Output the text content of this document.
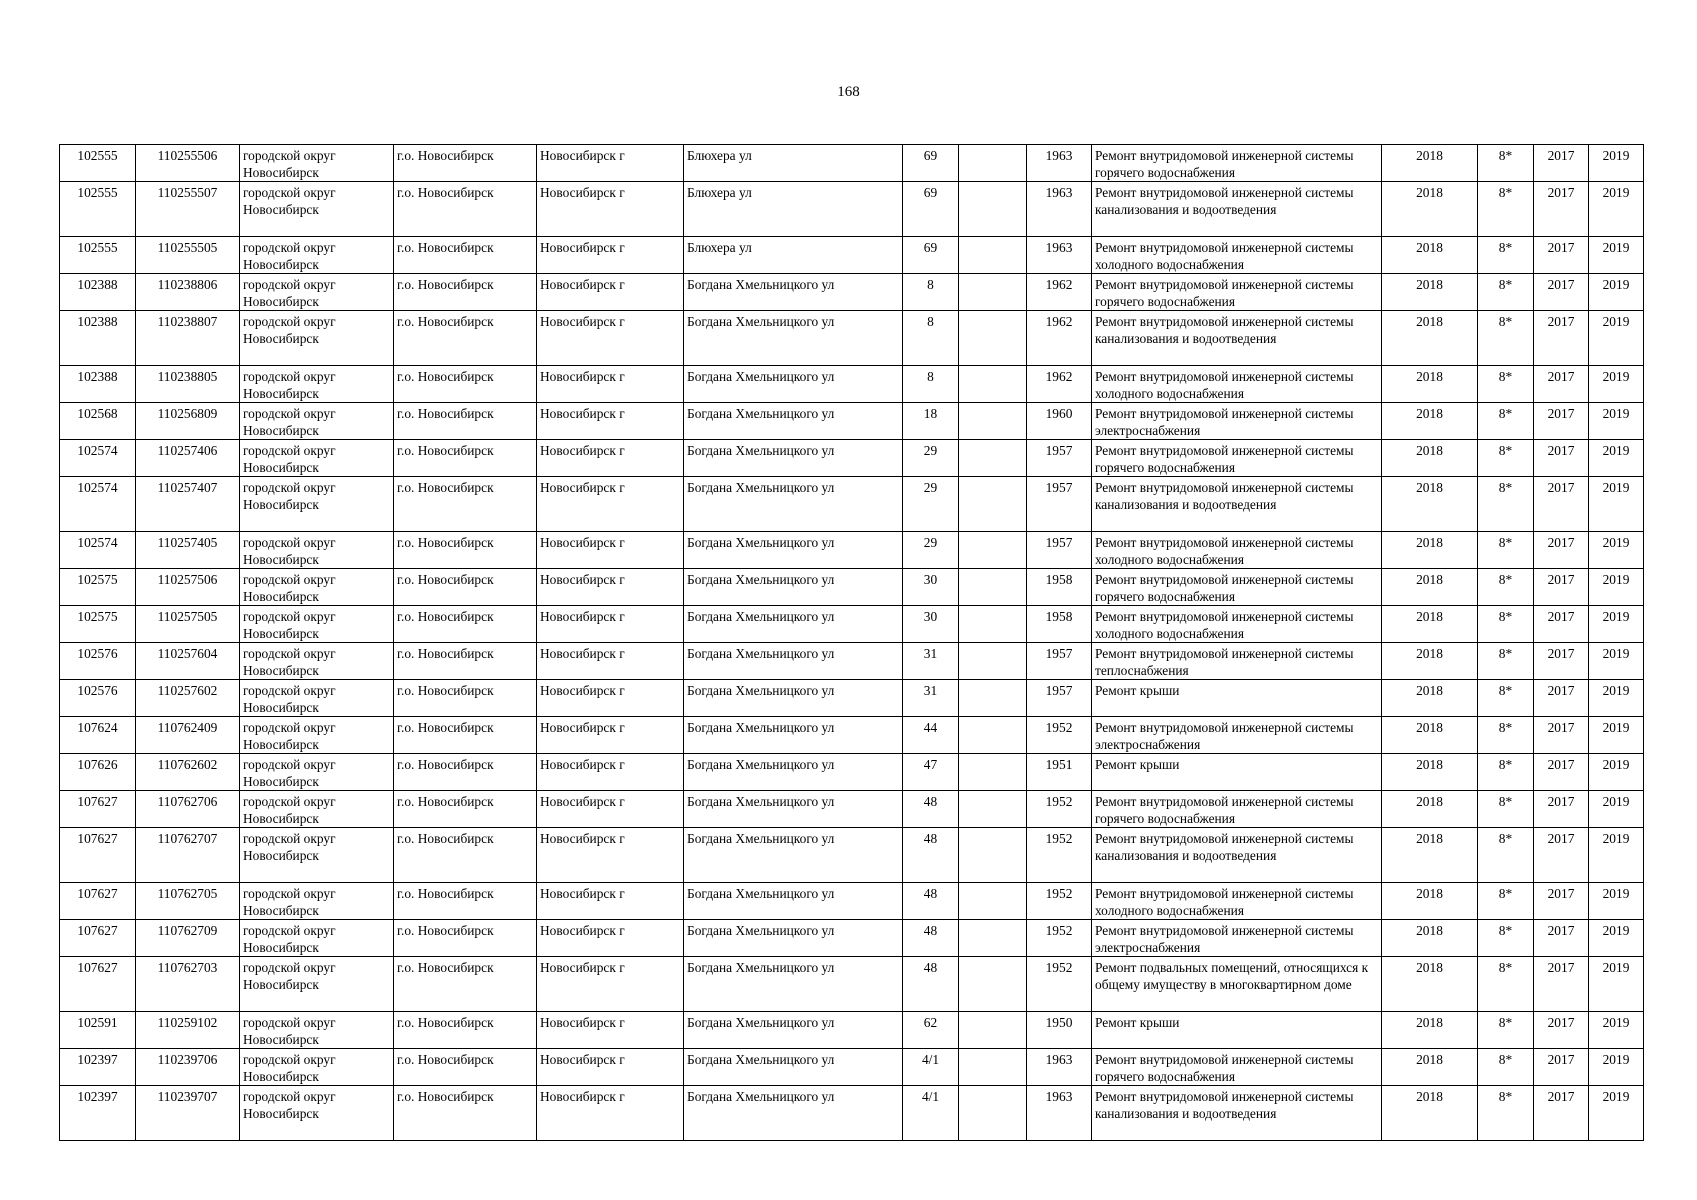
168
102555	110255506	городской округ Новосибирск	г.о. Новосибирск	Новосибирск г	Блюхера ул	69		1963	Ремонт внутридомовой инженерной системы горячего водоснабжения	2018	8*	2017	2019
102555	110255507	городской округ Новосибирск	г.о. Новосибирск	Новосибирск г	Блюхера ул	69		1963	Ремонт внутридомовой инженерной системы канализования и водоотведения	2018	8*	2017	2019
102555	110255505	городской округ Новосибирск	г.о. Новосибирск	Новосибирск г	Блюхера ул	69		1963	Ремонт внутридомовой инженерной системы холодного водоснабжения	2018	8*	2017	2019
102388	110238806	городской округ Новосибирск	г.о. Новосибирск	Новосибирск г	Богдана Хмельницкого ул	8		1962	Ремонт внутридомовой инженерной системы горячего водоснабжения	2018	8*	2017	2019
102388	110238807	городской округ Новосибирск	г.о. Новосибирск	Новосибирск г	Богдана Хмельницкого ул	8		1962	Ремонт внутридомовой инженерной системы канализования и водоотведения	2018	8*	2017	2019
102388	110238805	городской округ Новосибирск	г.о. Новосибирск	Новосибирск г	Богдана Хмельницкого ул	8		1962	Ремонт внутридомовой инженерной системы холодного водоснабжения	2018	8*	2017	2019
102568	110256809	городской округ Новосибирск	г.о. Новосибирск	Новосибирск г	Богдана Хмельницкого ул	18		1960	Ремонт внутридомовой инженерной системы электроснабжения	2018	8*	2017	2019
102574	110257406	городской округ Новосибирск	г.о. Новосибирск	Новосибирск г	Богдана Хмельницкого ул	29		1957	Ремонт внутридомовой инженерной системы горячего водоснабжения	2018	8*	2017	2019
102574	110257407	городской округ Новосибирск	г.о. Новосибирск	Новосибирск г	Богдана Хмельницкого ул	29		1957	Ремонт внутридомовой инженерной системы канализования и водоотведения	2018	8*	2017	2019
102574	110257405	городской округ Новосибирск	г.о. Новосибирск	Новосибирск г	Богдана Хмельницкого ул	29		1957	Ремонт внутридомовой инженерной системы холодного водоснабжения	2018	8*	2017	2019
102575	110257506	городской округ Новосибирск	г.о. Новосибирск	Новосибирск г	Богдана Хмельницкого ул	30		1958	Ремонт внутридомовой инженерной системы горячего водоснабжения	2018	8*	2017	2019
102575	110257505	городской округ Новосибирск	г.о. Новосибирск	Новосибирск г	Богдана Хмельницкого ул	30		1958	Ремонт внутридомовой инженерной системы холодного водоснабжения	2018	8*	2017	2019
102576	110257604	городской округ Новосибирск	г.о. Новосибирск	Новосибирск г	Богдана Хмельницкого ул	31		1957	Ремонт внутридомовой инженерной системы теплоснабжения	2018	8*	2017	2019
102576	110257602	городской округ Новосибирск	г.о. Новосибирск	Новосибирск г	Богдана Хмельницкого ул	31		1957	Ремонт крыши	2018	8*	2017	2019
107624	110762409	городской округ Новосибирск	г.о. Новосибирск	Новосибирск г	Богдана Хмельницкого ул	44		1952	Ремонт внутридомовой инженерной системы электроснабжения	2018	8*	2017	2019
107626	110762602	городской округ Новосибирск	г.о. Новосибирск	Новосибирск г	Богдана Хмельницкого ул	47		1951	Ремонт крыши	2018	8*	2017	2019
107627	110762706	городской округ Новосибирск	г.о. Новосибирск	Новосибирск г	Богдана Хмельницкого ул	48		1952	Ремонт внутридомовой инженерной системы горячего водоснабжения	2018	8*	2017	2019
107627	110762707	городской округ Новосибирск	г.о. Новосибирск	Новосибирск г	Богдана Хмельницкого ул	48		1952	Ремонт внутридомовой инженерной системы канализования и водоотведения	2018	8*	2017	2019
107627	110762705	городской округ Новосибирск	г.о. Новосибирск	Новосибирск г	Богдана Хмельницкого ул	48		1952	Ремонт внутридомовой инженерной системы холодного водоснабжения	2018	8*	2017	2019
107627	110762709	городской округ Новосибирск	г.о. Новосибирск	Новосибирск г	Богдана Хмельницкого ул	48		1952	Ремонт внутридомовой инженерной системы электроснабжения	2018	8*	2017	2019
107627	110762703	городской округ Новосибирск	г.о. Новосибирск	Новосибирск г	Богдана Хмельницкого ул	48		1952	Ремонт подвальных помещений, относящихся к общему имуществу в многоквартирном доме	2018	8*	2017	2019
102591	110259102	городской округ Новосибирск	г.о. Новосибирск	Новосибирск г	Богдана Хмельницкого ул	62		1950	Ремонт крыши	2018	8*	2017	2019
102397	110239706	городской округ Новосибирск	г.о. Новосибирск	Новосибирск г	Богдана Хмельницкого ул	4/1		1963	Ремонт внутридомовой инженерной системы горячего водоснабжения	2018	8*	2017	2019
102397	110239707	городской округ Новосибирск	г.о. Новосибирск	Новосибирск г	Богдана Хмельницкого ул	4/1		1963	Ремонт внутридомовой инженерной системы канализования и водоотведения	2018	8*	2017	2019
